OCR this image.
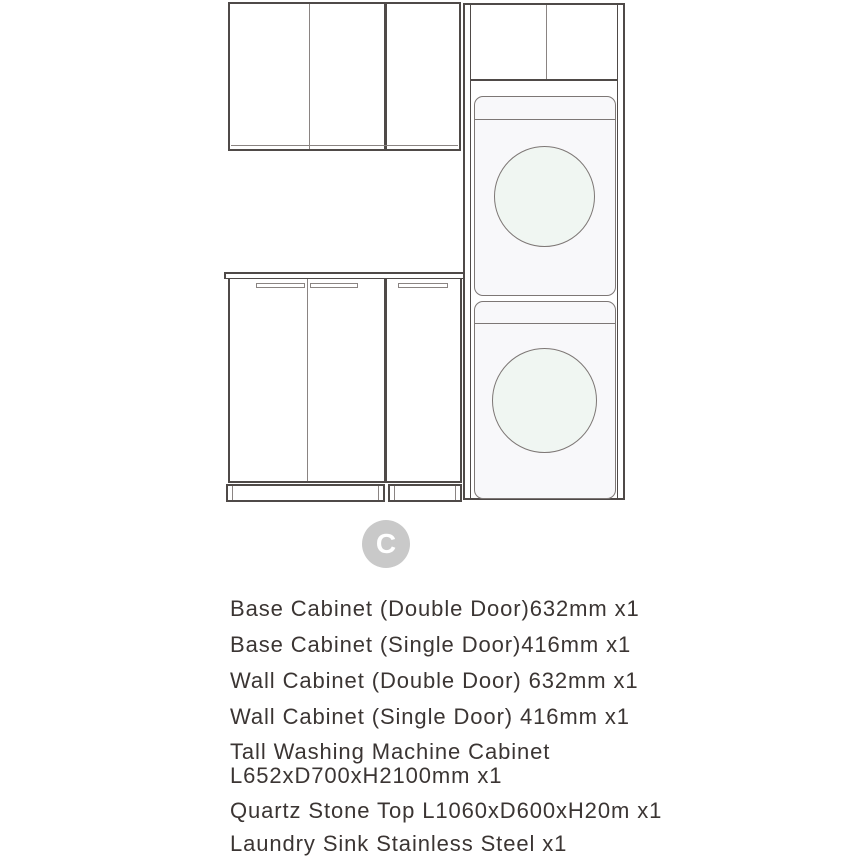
C
Base Cabinet (Double Door)632mm x1
Base Cabinet (Single Door)416mm x1
Wall Cabinet (Double Door) 632mm x1
Wall Cabinet (Single Door) 416mm x1
Tall Washing Machine Cabinet
L652xD700xH2100mm x1
Quartz Stone Top L1060xD600xH20m x1
Laundry Sink Stainless Steel x1
